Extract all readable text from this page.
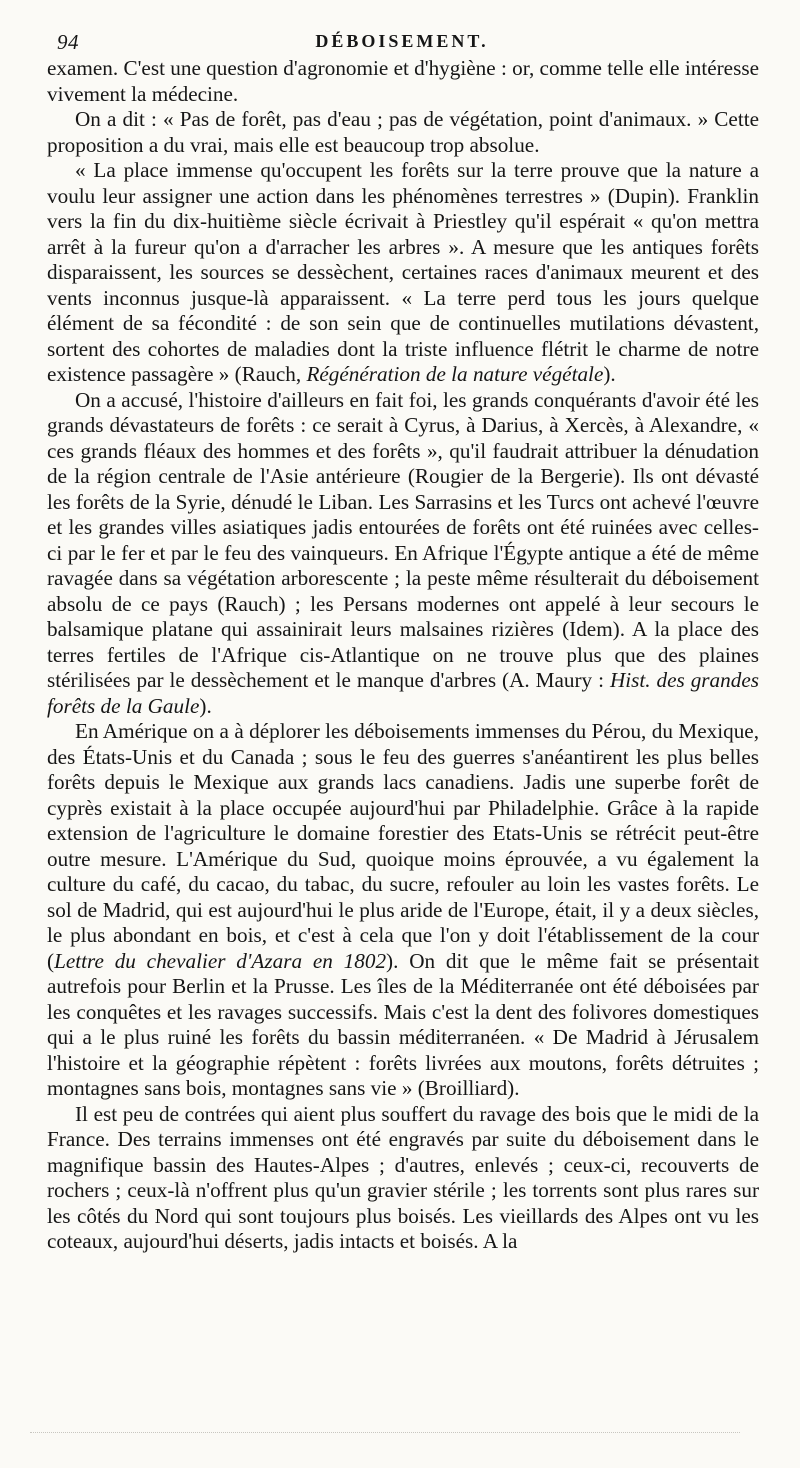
94	DÉBOISEMENT.

examen. C'est une question d'agronomie et d'hygiène : or, comme telle elle intéresse vivement la médecine.

On a dit : « Pas de forêt, pas d'eau ; pas de végétation, point d'animaux. » Cette proposition a du vrai, mais elle est beaucoup trop absolue.

« La place immense qu'occupent les forêts sur la terre prouve que la nature a voulu leur assigner une action dans les phénomènes terrestres » (Dupin). Franklin vers la fin du dix-huitième siècle écrivait à Priestley qu'il espérait « qu'on mettra arrêt à la fureur qu'on a d'arracher les arbres ». A mesure que les antiques forêts disparaissent, les sources se dessèchent, certaines races d'animaux meurent et des vents inconnus jusque-là apparaissent. « La terre perd tous les jours quelque élément de sa fécondité : de son sein que de continuelles mutilations dévastent, sortent des cohortes de maladies dont la triste influence flétrit le charme de notre existence passagère » (Rauch, Régénération de la nature végétale).

On a accusé, l'histoire d'ailleurs en fait foi, les grands conquérants d'avoir été les grands dévastateurs de forêts : ce serait à Cyrus, à Darius, à Xercès, à Alexandre, « ces grands fléaux des hommes et des forêts », qu'il faudrait attribuer la dénudation de la région centrale de l'Asie antérieure (Rougier de la Bergerie). Ils ont dévasté les forêts de la Syrie, dénudé le Liban. Les Sarrasins et les Turcs ont achevé l'œuvre et les grandes villes asiatiques jadis entourées de forêts ont été ruinées avec celles-ci par le fer et par le feu des vainqueurs. En Afrique l'Égypte antique a été de même ravagée dans sa végétation arborescente ; la peste même résulterait du déboisement absolu de ce pays (Rauch) ; les Persans modernes ont appelé à leur secours le balsamique platane qui assainirait leurs malsaines rizières (Idem). A la place des terres fertiles de l'Afrique cis-Atlantique on ne trouve plus que des plaines stérilisées par le dessèchement et le manque d'arbres (A. Maury : Hist. des grandes forêts de la Gaule).

En Amérique on a à déplorer les déboisements immenses du Pérou, du Mexique, des États-Unis et du Canada ; sous le feu des guerres s'anéantirent les plus belles forêts depuis le Mexique aux grands lacs canadiens. Jadis une superbe forêt de cyprès existait à la place occupée aujourd'hui par Philadelphie. Grâce à la rapide extension de l'agriculture le domaine forestier des Etats-Unis se rétrécit peut-être outre mesure. L'Amérique du Sud, quoique moins éprouvée, a vu également la culture du café, du cacao, du tabac, du sucre, refouler au loin les vastes forêts. Le sol de Madrid, qui est aujourd'hui le plus aride de l'Europe, était, il y a deux siècles, le plus abondant en bois, et c'est à cela que l'on y doit l'établissement de la cour (Lettre du chevalier d'Azara en 1802). On dit que le même fait se présentait autrefois pour Berlin et la Prusse. Les îles de la Méditerranée ont été déboisées par les conquêtes et les ravages successifs. Mais c'est la dent des folivores domestiques qui a le plus ruiné les forêts du bassin méditerranéen. « De Madrid à Jérusalem l'histoire et la géographie répètent : forêts livrées aux moutons, forêts détruites ; montagnes sans bois, montagnes sans vie » (Broilliard).

Il est peu de contrées qui aient plus souffert du ravage des bois que le midi de la France. Des terrains immenses ont été engravés par suite du déboisement dans le magnifique bassin des Hautes-Alpes ; d'autres, enlevés ; ceux-ci, recouverts de rochers ; ceux-là n'offrent plus qu'un gravier stérile ; les torrents sont plus rares sur les côtés du Nord qui sont toujours plus boisés. Les vieillards des Alpes ont vu les coteaux, aujourd'hui déserts, jadis intacts et boisés. A la
